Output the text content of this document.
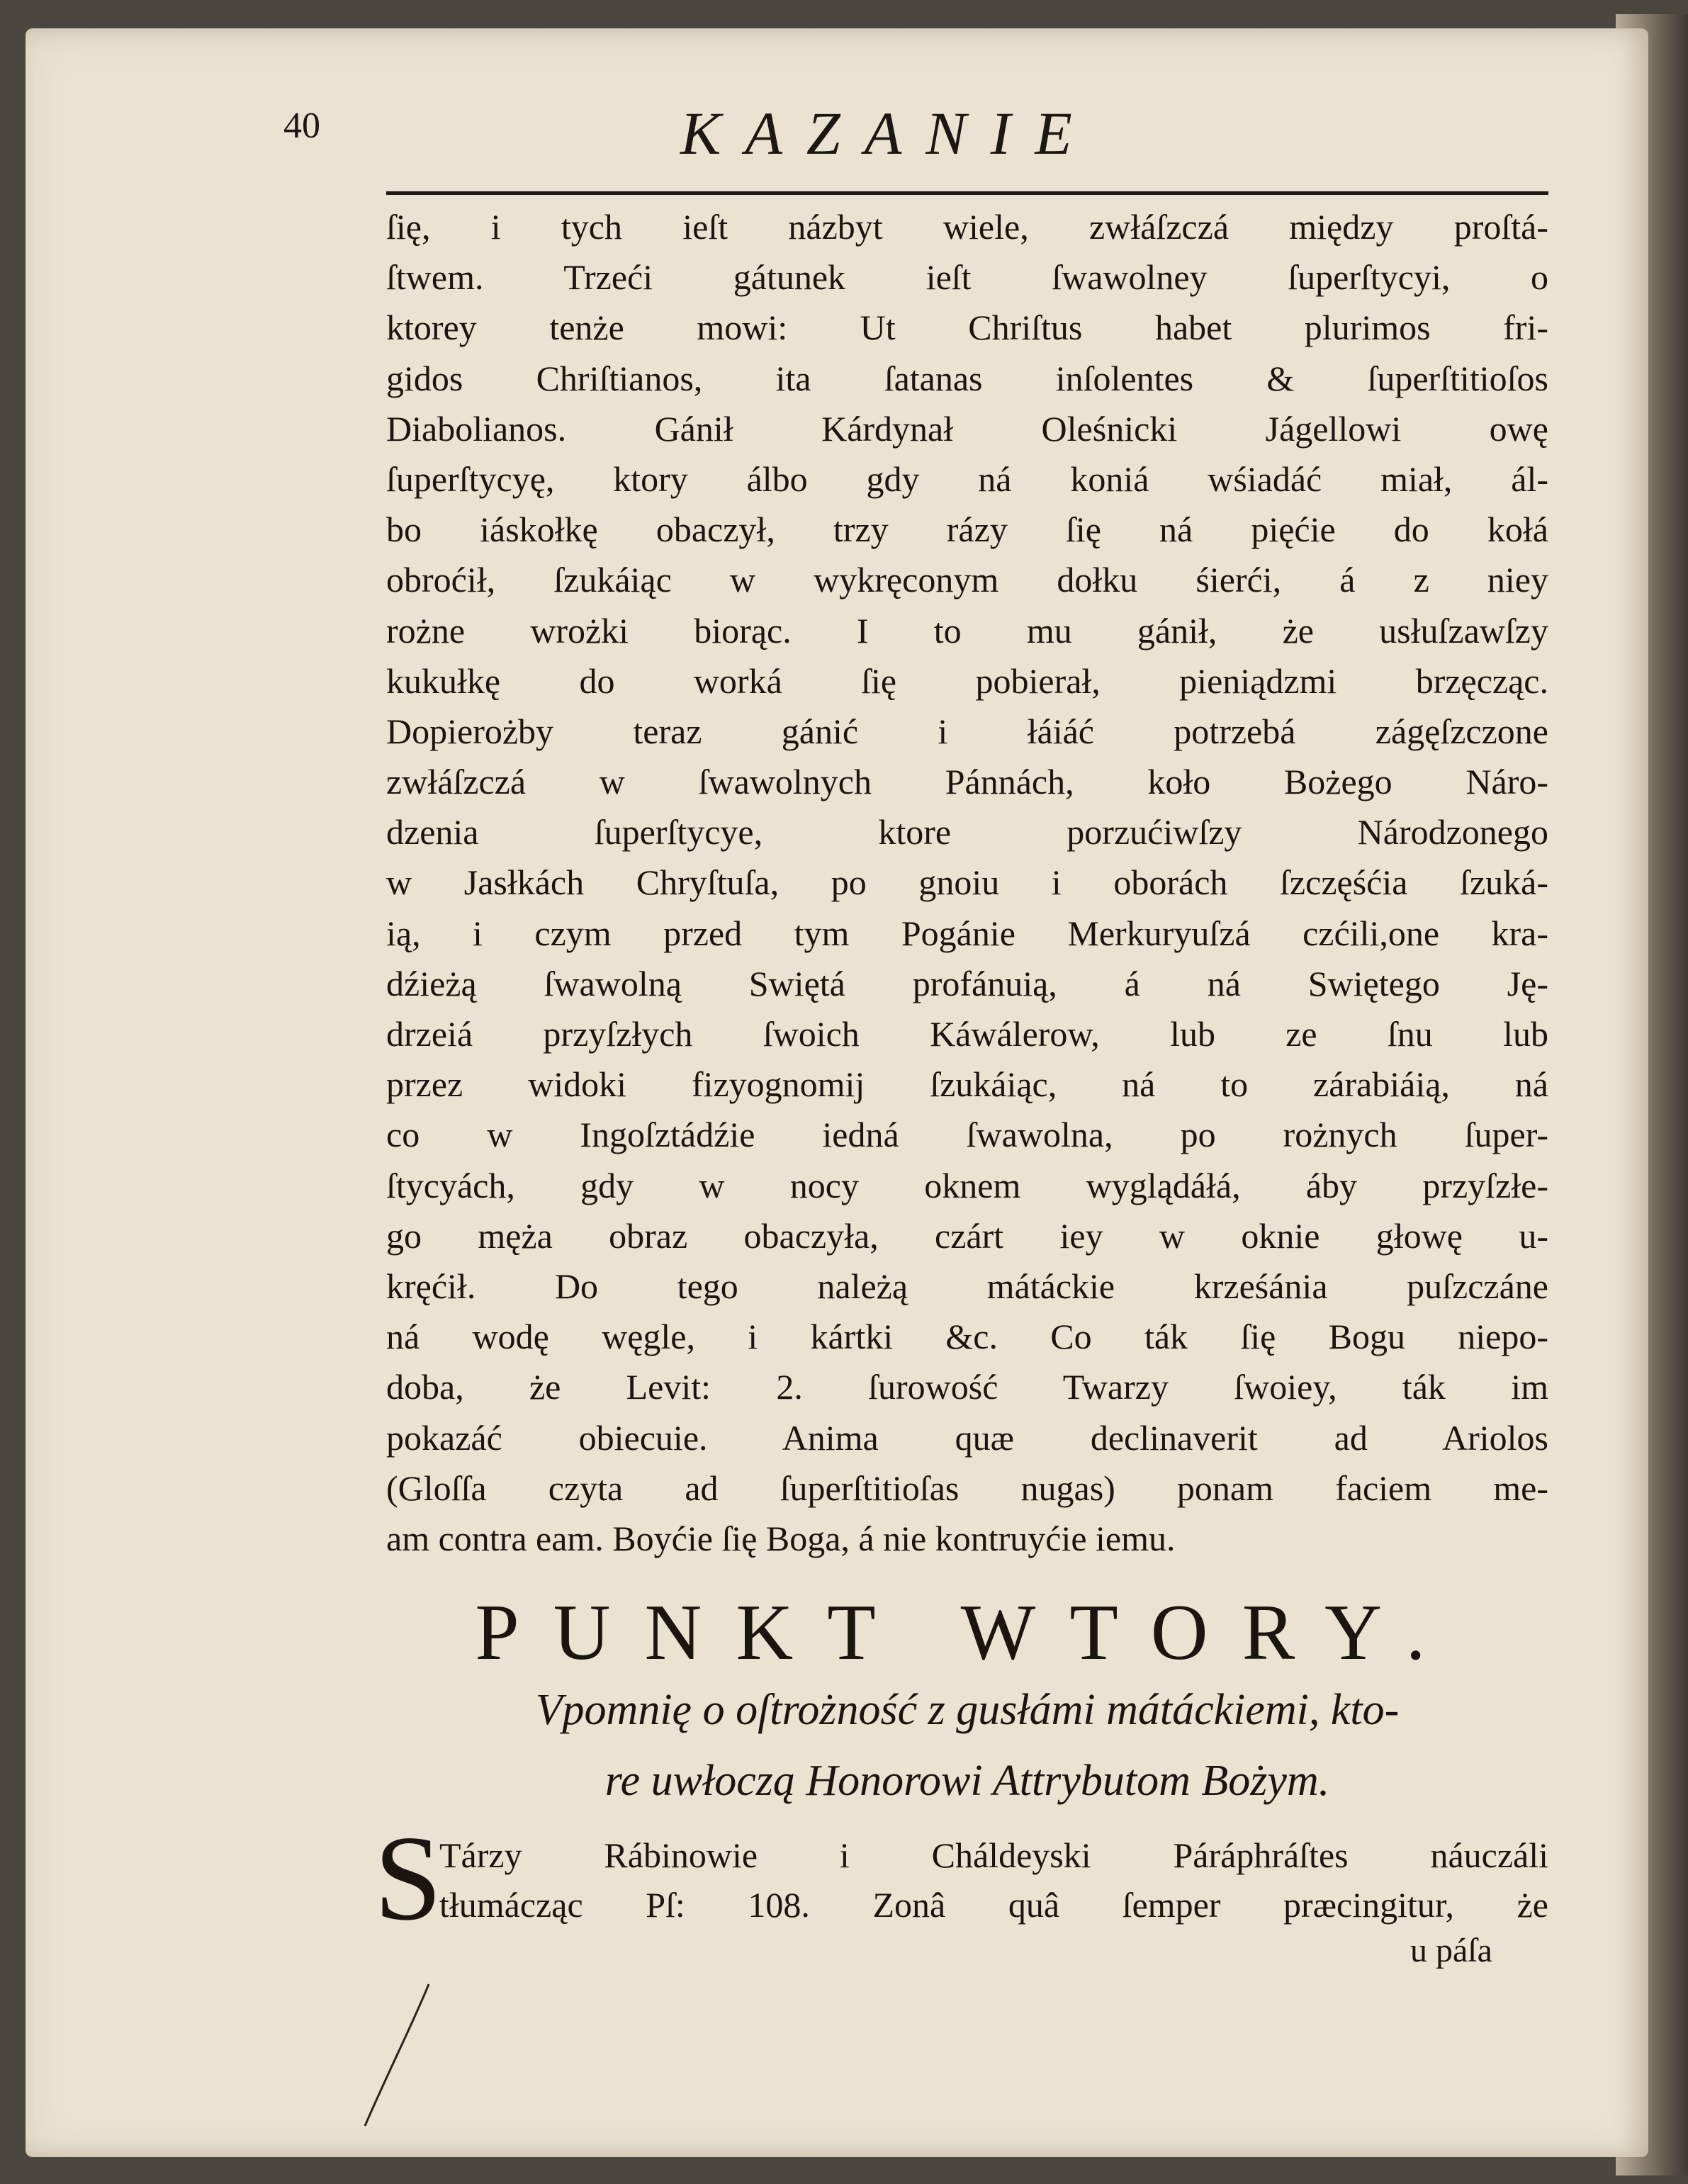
40	KAZANIE
ſię, i tych ieſt názbyt wiele, zwłáſzczá między proſtá-
ſtwem. Trzeći gátunek ieſt ſwawolney ſuperſtycyi, o
ktorey tenże mowi: Ut Chriſtus habet plurimos fri-
gidos Chriſtianos, ita ſatanas inſolentes & ſuperſtitioſos
Diabolianos. Gánił Kárdynał Oleśnicki Jágellowi owę
ſuperſtycyę, ktory álbo gdy ná koniá wśiadáć miał, ál-
bo iáskołkę obaczył, trzy rázy ſię ná pięćie do kołá
obroćił, ſzukáiąc w wykręconym dołku śierći, á z niey
rożne wrożki biorąc. I to mu gánił, że usłuſzawſzy
kukułkę do worká ſię pobierał, pieniądzmi brzęcząc.
Dopierożby teraz gánić i łáiáć potrzebá zágęſzczone
zwłáſzczá w ſwawolnych Pánnách, koło Bożego Náro-
dzenia ſuperſtycye, ktore porzućiwſzy Národzonego
w Jasłkách Chryſtuſa, po gnoiu i oborách ſzczęśćia ſzuká-
ią, i czym przed tym Pogánie Merkuryuſzá czćili,one kra-
dźieżą ſwawolną Swiętá profánuią, á ná Swiętego Ję-
drzeiá przyſzłych ſwoich Káwálerow, lub ze ſnu lub
przez widoki fizyognomij ſzukáiąc, ná to zárabiáią, ná
co w Ingoſztádźie iedná ſwawolna, po rożnych ſuper-
ſtycyách, gdy w nocy oknem wyglądáłá, áby przyſzłe-
go męża obraz obaczyła, czárt iey w oknie głowę u-
kręćił. Do tego należą mátáckie krześánia puſzczáne
ná wodę węgle, i kártki &c. Co ták ſię Bogu niepo-
doba, że Levit: 2. ſurowość Twarzy ſwoiey, ták im
pokazáć obiecuie. Anima quæ declinaverit ad Ariolos
(Gloſſa czyta ad ſuperſtitioſas nugas) ponam faciem me-
am contra eam. Boyćie ſię Boga, á nie kontruyćie iemu.
PUNKT WTORY.
Vpomnię o oſtrożność z gusłámi mátáckiemi, kto-
re uwłoczą Honorowi Attrybutom Bożym.
S
Tárzy Rábinowie i Cháldeyski Páráphráſtes náuczáli
tłumácząc Pſ: 108. Zonâ quâ ſemper præcingitur, że
u páſa
